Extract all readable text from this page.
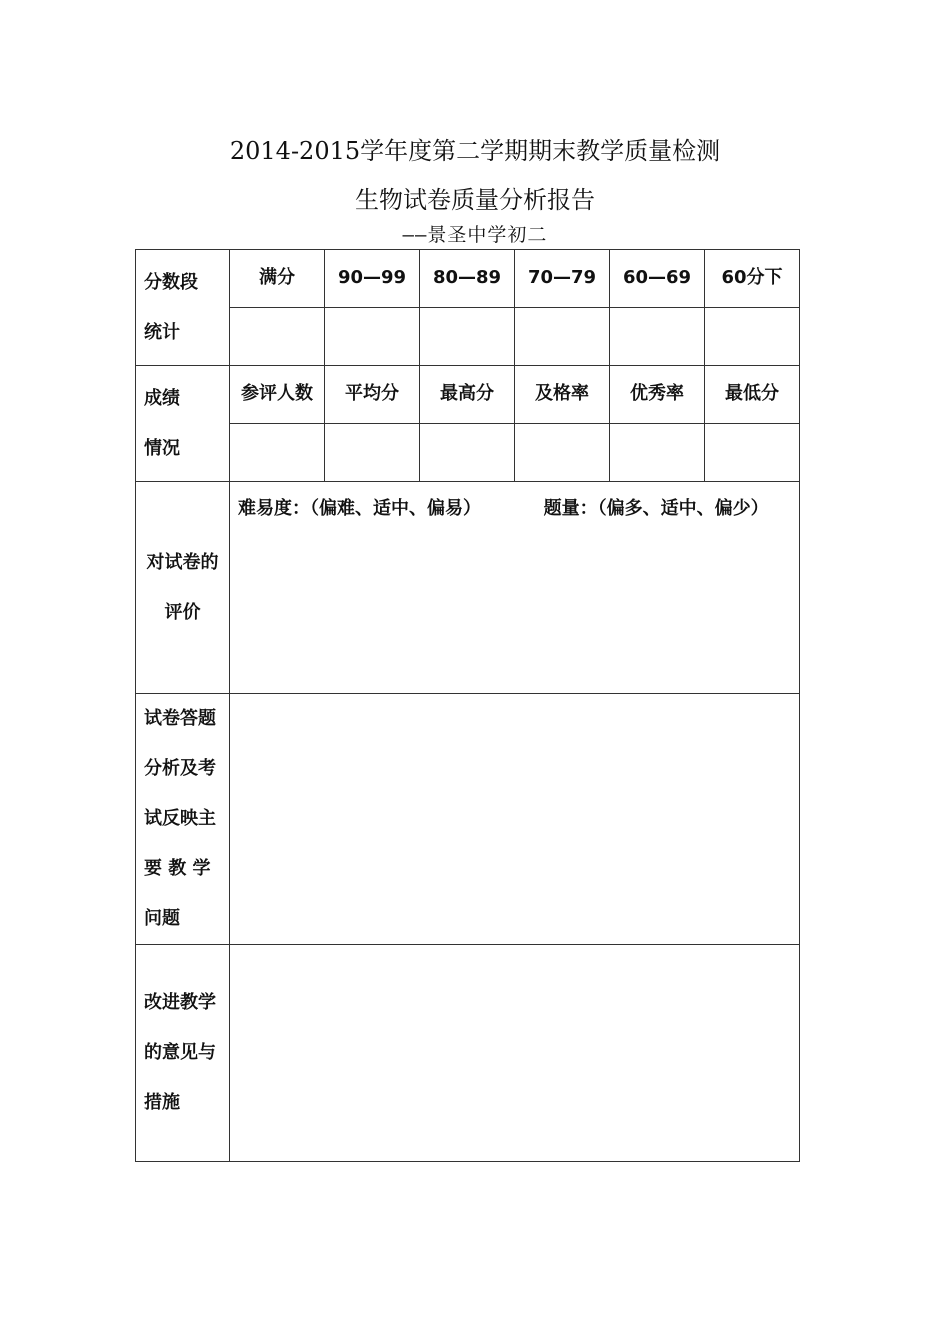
2014-2015学年度第二学期期末教学质量检测
生物试卷质量分析报告
——景圣中学初二
分数段
统计	满分	90—99	80—89	70—79	60—69	60分下

成绩
情况	参评人数	平均分	最高分	及格率	优秀率	最低分

对试卷的
评价	难易度：（偏难、适中、偏易） 题量：（偏多、适中、偏少）					

试卷答题
分析及考
试反映主
要 教 学
问题						

改进教学
的意见与
措施						
